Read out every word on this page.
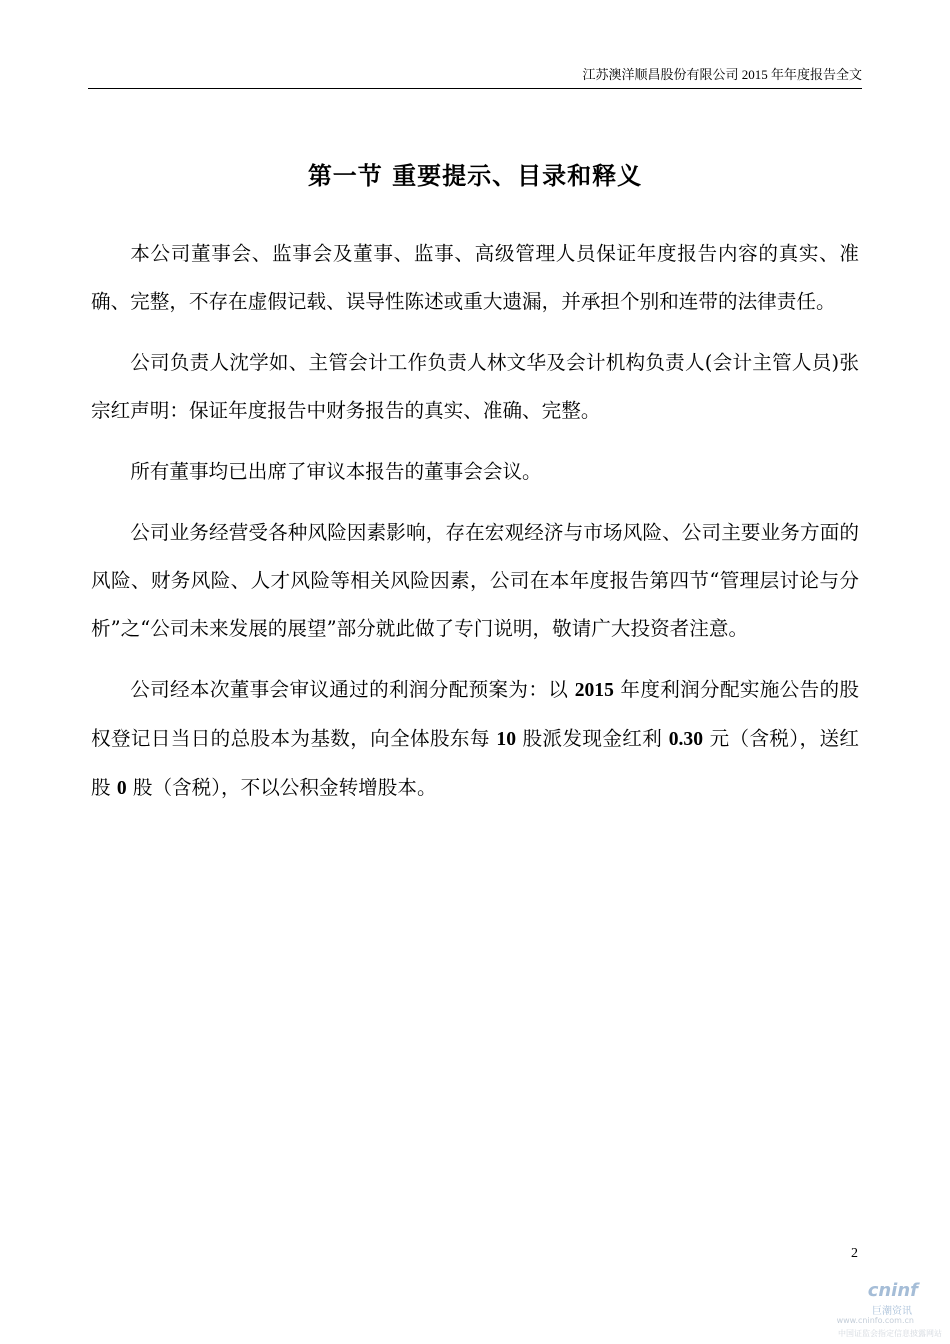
江苏澳洋顺昌股份有限公司 2015 年年度报告全文
第一节 重要提示、目录和释义

本公司董事会、监事会及董事、监事、高级管理人员保证年度报告内容的真实、准确、完整，不存在虚假记载、误导性陈述或重大遗漏，并承担个别和连带的法律责任。

公司负责人沈学如、主管会计工作负责人林文华及会计机构负责人(会计主管人员)张宗红声明：保证年度报告中财务报告的真实、准确、完整。

所有董事均已出席了审议本报告的董事会会议。

公司业务经营受各种风险因素影响，存在宏观经济与市场风险、公司主要业务方面的风险、财务风险、人才风险等相关风险因素，公司在本年度报告第四节“管理层讨论与分析”之“公司未来发展的展望”部分就此做了专门说明，敬请广大投资者注意。

公司经本次董事会审议通过的利润分配预案为：以 2015 年度利润分配实施公告的股权登记日当日的总股本为基数，向全体股东每 10 股派发现金红利 0.30 元（含税），送红股 0 股（含税），不以公积金转增股本。

2
cninf
巨潮资讯
www.cninfo.com.cn
中国证监会指定信息披露网站
